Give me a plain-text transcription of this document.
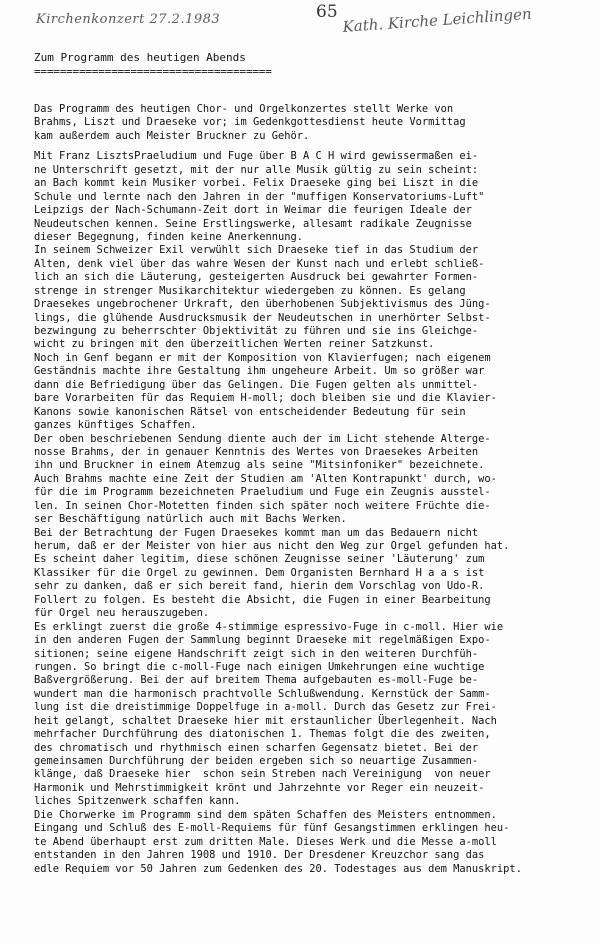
Kirchenkonzert 27.2.1983	65 Kath. Kirche Leichlingen
Zum Programm des heutigen Abends
=====================================
Das Programm des heutigen Chor- und Orgelkonzertes stellt Werke von
Brahms, Liszt und Draeseke vor; im Gedenkgottesdienst heute Vormittag
kam außerdem auch Meister Bruckner zu Gehör.
Mit Franz LisztsPraeludium und Fuge über B A C H wird gewissermaßen ei-
ne Unterschrift gesetzt, mit der nur alle Musik gültig zu sein scheint:
an Bach kommt kein Musiker vorbei. Felix Draeseke ging bei Liszt in die
Schule und lernte nach den Jahren in der "muffigen Konservatoriums-Luft"
Leipzigs der Nach-Schumann-Zeit dort in Weimar die feurigen Ideale der
Neudeutschen kennen. Seine Erstlingswerke, allesamt radikale Zeugnisse
dieser Begegnung, finden keine Anerkennung.
In seinem Schweizer Exil verwühlt sich Draeseke tief in das Studium der
Alten, denk viel über das wahre Wesen der Kunst nach und erlebt schließ-
lich an sich die Läuterung, gesteigerten Ausdruck bei gewahrter Formen-
strenge in strenger Musikarchitektur wiedergeben zu können. Es gelang
Draesekes ungebrochener Urkraft, den überhobenen Subjektivismus des Jüng-
lings, die glühende Ausdrucksmusik der Neudeutschen in unerhörter Selbst-
bezwingung zu beherrschter Objektivität zu führen und sie ins Gleichge-
wicht zu bringen mit den überzeitlichen Werten reiner Satzkunst.
Noch in Genf begann er mit der Komposition von Klavierfugen; nach eigenem
Geständnis machte ihre Gestaltung ihm ungeheure Arbeit. Um so größer war
dann die Befriedigung über das Gelingen. Die Fugen gelten als unmittel-
bare Vorarbeiten für das Requiem H-moll; doch bleiben sie und die Klavier-
Kanons sowie kanonischen Rätsel von entscheidender Bedeutung für sein
ganzes künftiges Schaffen.
Der oben beschriebenen Sendung diente auch der im Licht stehende Alterge-
nosse Brahms, der in genauer Kenntnis des Wertes von Draesekes Arbeiten
ihn und Bruckner in einem Atemzug als seine "Mitsinfoniker" bezeichnete.
Auch Brahms machte eine Zeit der Studien am 'Alten Kontrapunkt' durch, wo-
für die im Programm bezeichneten Praeludium und Fuge ein Zeugnis ausstel-
len. In seinen Chor-Motetten finden sich später noch weitere Früchte die-
ser Beschäftigung natürlich auch mit Bachs Werken.
Bei der Betrachtung der Fugen Draesekes kommt man um das Bedauern nicht
herum, daß er der Meister von hier aus nicht den Weg zur Orgel gefunden hat.
Es scheint daher legitim, diese schönen Zeugnisse seiner 'Läuterung' zum
Klassiker für die Orgel zu gewinnen. Dem Organisten Bernhard H a a s ist
sehr zu danken, daß er sich bereit fand, hierin dem Vorschlag von Udo-R.
Follert zu folgen. Es besteht die Absicht, die Fugen in einer Bearbeitung
für Orgel neu herauszugeben.
Es erklingt zuerst die große 4-stimmige espressivo-Fuge in c-moll. Hier wie
in den anderen Fugen der Sammlung beginnt Draeseke mit regelmäßigen Expo-
sitionen; seine eigene Handschrift zeigt sich in den weiteren Durchfüh-
rungen. So bringt die c-moll-Fuge nach einigen Umkehrungen eine wuchtige
Baßvergrößerung. Bei der auf breitem Thema aufgebauten es-moll-Fuge be-
wundert man die harmonisch prachtvolle Schlußwendung. Kernstück der Samm-
lung ist die dreistimmige Doppelfuge in a-moll. Durch das Gesetz zur Frei-
heit gelangt, schaltet Draeseke hier mit erstaunlicher Überlegenheit. Nach
mehrfacher Durchführung des diatonischen 1. Themas folgt die des zweiten,
des chromatisch und rhythmisch einen scharfen Gegensatz bietet. Bei der
gemeinsamen Durchführung der beiden ergeben sich so neuartige Zusammen-
klänge, daß Draeseke hier  schon sein Streben nach Vereinigung  von neuer
Harmonik und Mehrstimmigkeit krönt und Jahrzehnte vor Reger ein neuzeit-
liches Spitzenwerk schaffen kann.
Die Chorwerke im Programm sind dem späten Schaffen des Meisters entnommen.
Eingang und Schluß des E-moll-Requiems für fünf Gesangstimmen erklingen heu-
te Abend überhaupt erst zum dritten Male. Dieses Werk und die Messe a-moll
entstanden in den Jahren 1908 und 1910. Der Dresdener Kreuzchor sang das
edle Requiem vor 50 Jahren zum Gedenken des 20. Todestages aus dem Manuskript.
